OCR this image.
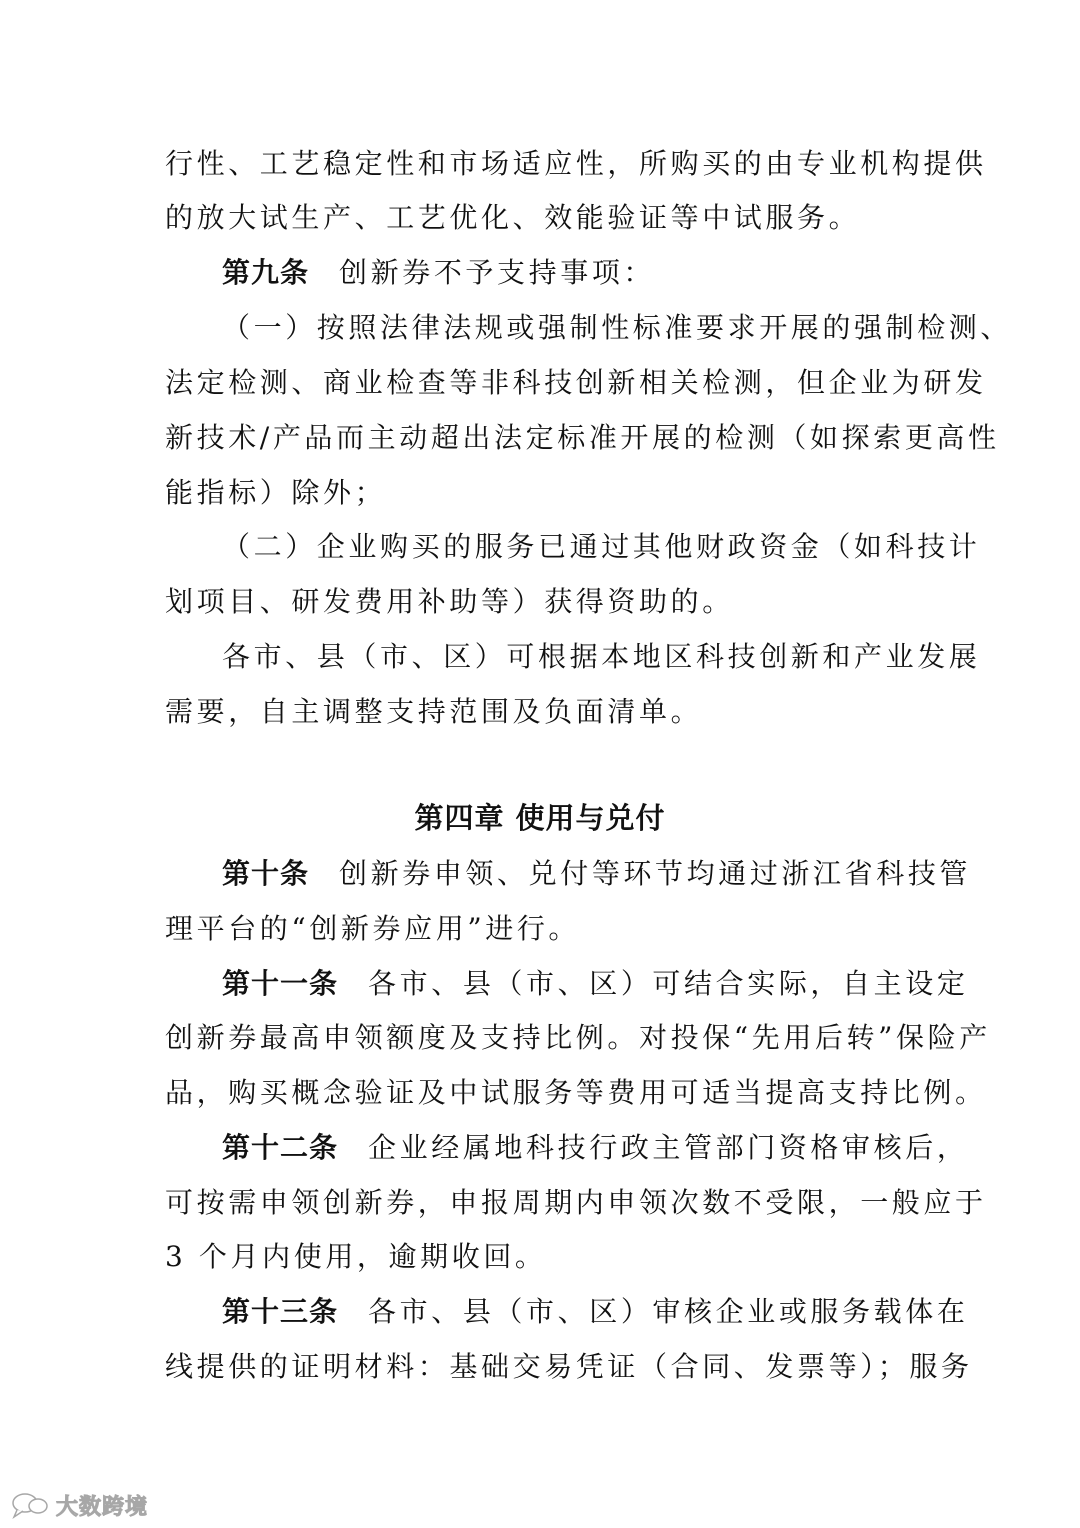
行性、工艺稳定性和市场适应性，所购买的由专业机构提供
的放大试生产、工艺优化、效能验证等中试服务。
第九条 创新券不予支持事项：
（一）按照法律法规或强制性标准要求开展的强制检测、
法定检测、商业检查等非科技创新相关检测，但企业为研发
新技术/产品而主动超出法定标准开展的检测（如探索更高性
能指标）除外；
（二）企业购买的服务已通过其他财政资金（如科技计
划项目、研发费用补助等）获得资助的。
各市、县（市、区）可根据本地区科技创新和产业发展
需要，自主调整支持范围及负面清单。
第四章 使用与兑付
第十条 创新券申领、兑付等环节均通过浙江省科技管
理平台的“创新券应用”进行。
第十一条 各市、县（市、区）可结合实际，自主设定
创新券最高申领额度及支持比例。对投保“先用后转”保险产
品，购买概念验证及中试服务等费用可适当提高支持比例。
第十二条 企业经属地科技行政主管部门资格审核后，
可按需申领创新券，申报周期内申领次数不受限，一般应于
3 个月内使用，逾期收回。
第十三条 各市、县（市、区）审核企业或服务载体在
线提供的证明材料：基础交易凭证（合同、发票等）；服务
大数跨境
